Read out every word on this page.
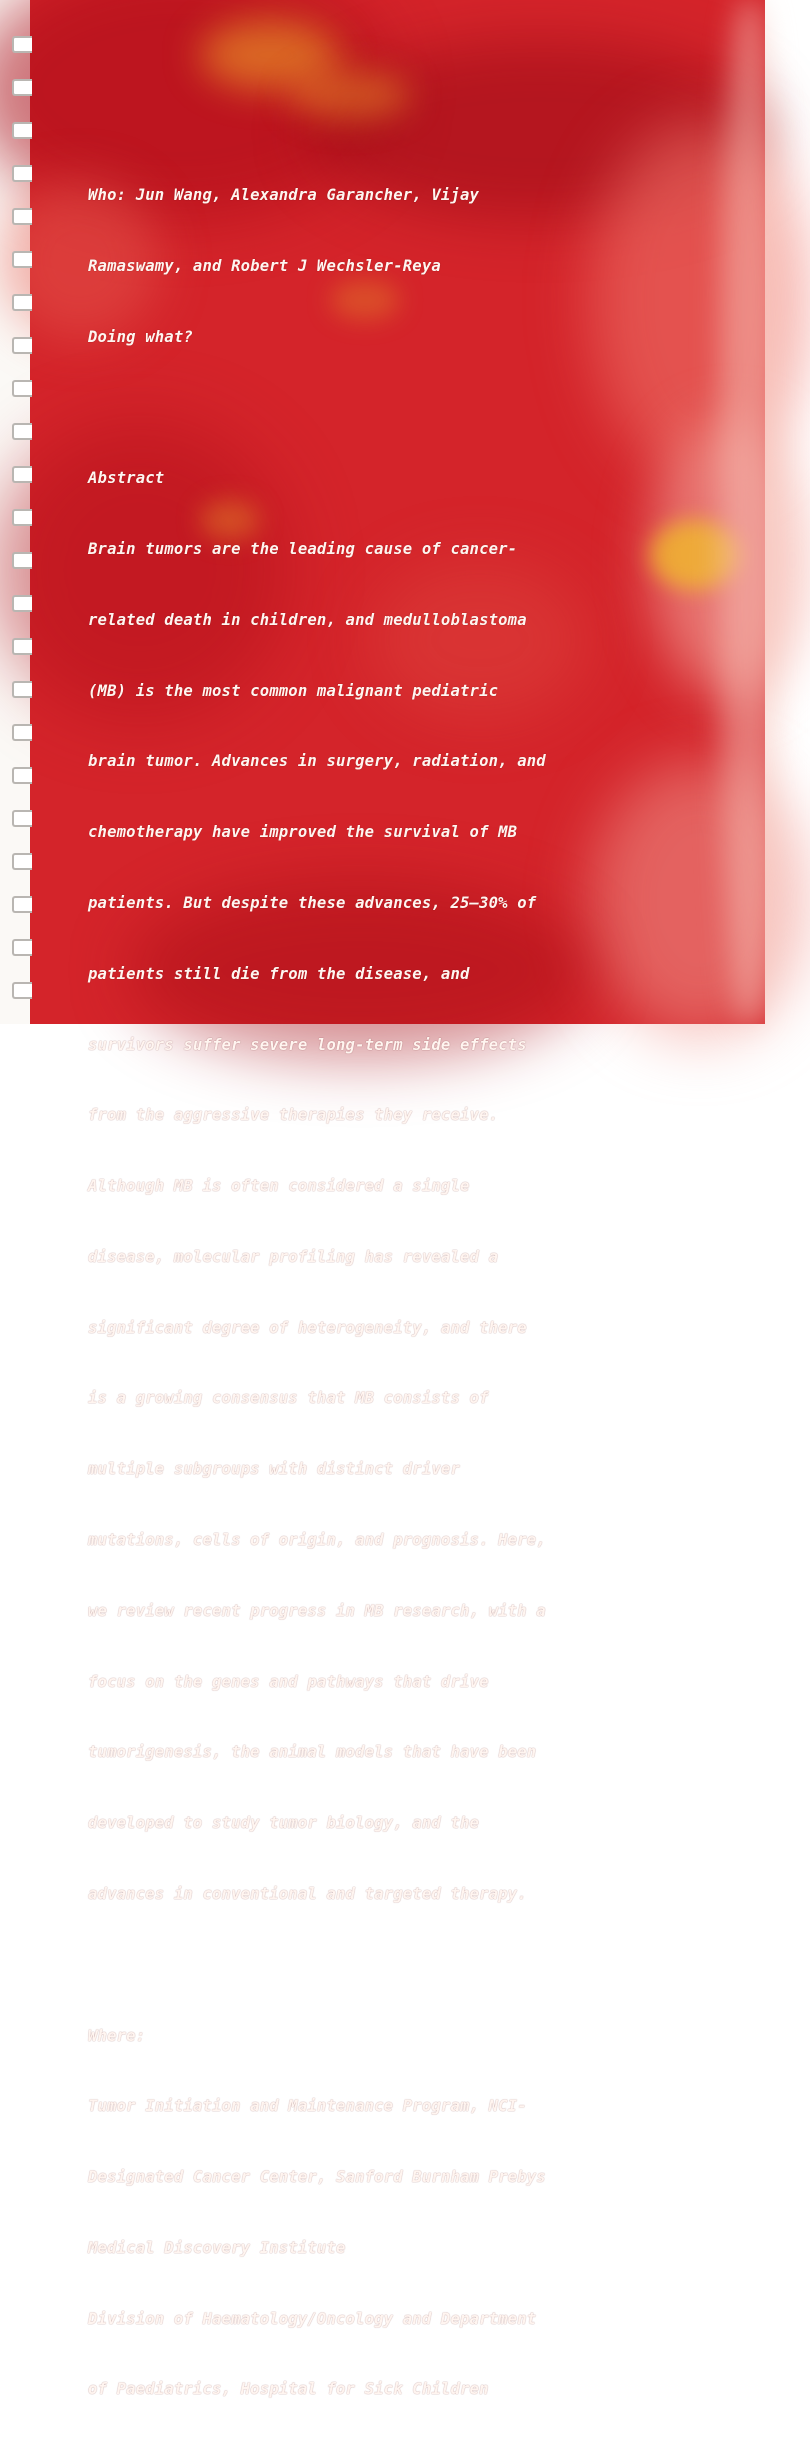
Who: Jun Wang, Alexandra Garancher, Vijay

Ramaswamy, and Robert J Wechsler-Reya

Doing what?

Abstract

Brain tumors are the leading cause of cancer-

related death in children, and medulloblastoma

(MB) is the most common malignant pediatric

brain tumor. Advances in surgery, radiation, and

chemotherapy have improved the survival of MB

patients. But despite these advances, 25–30% of

patients still die from the disease, and

survivors suffer severe long-term side effects

from the aggressive therapies they receive.

Although MB is often considered a single

disease, molecular profiling has revealed a

significant degree of heterogeneity, and there

is a growing consensus that MB consists of

multiple subgroups with distinct driver

mutations, cells of origin, and prognosis. Here,

we review recent progress in MB research, with a

focus on the genes and pathways that drive

tumorigenesis, the animal models that have been

developed to study tumor biology, and the

advances in conventional and targeted therapy.

Where:

Tumor Initiation and Maintenance Program, NCI-

Designated Cancer Center, Sanford Burnham Prebys

Medical Discovery Institute

Division of Haematology/Oncology and Department

of Paediatrics, Hospital for Sick Children
